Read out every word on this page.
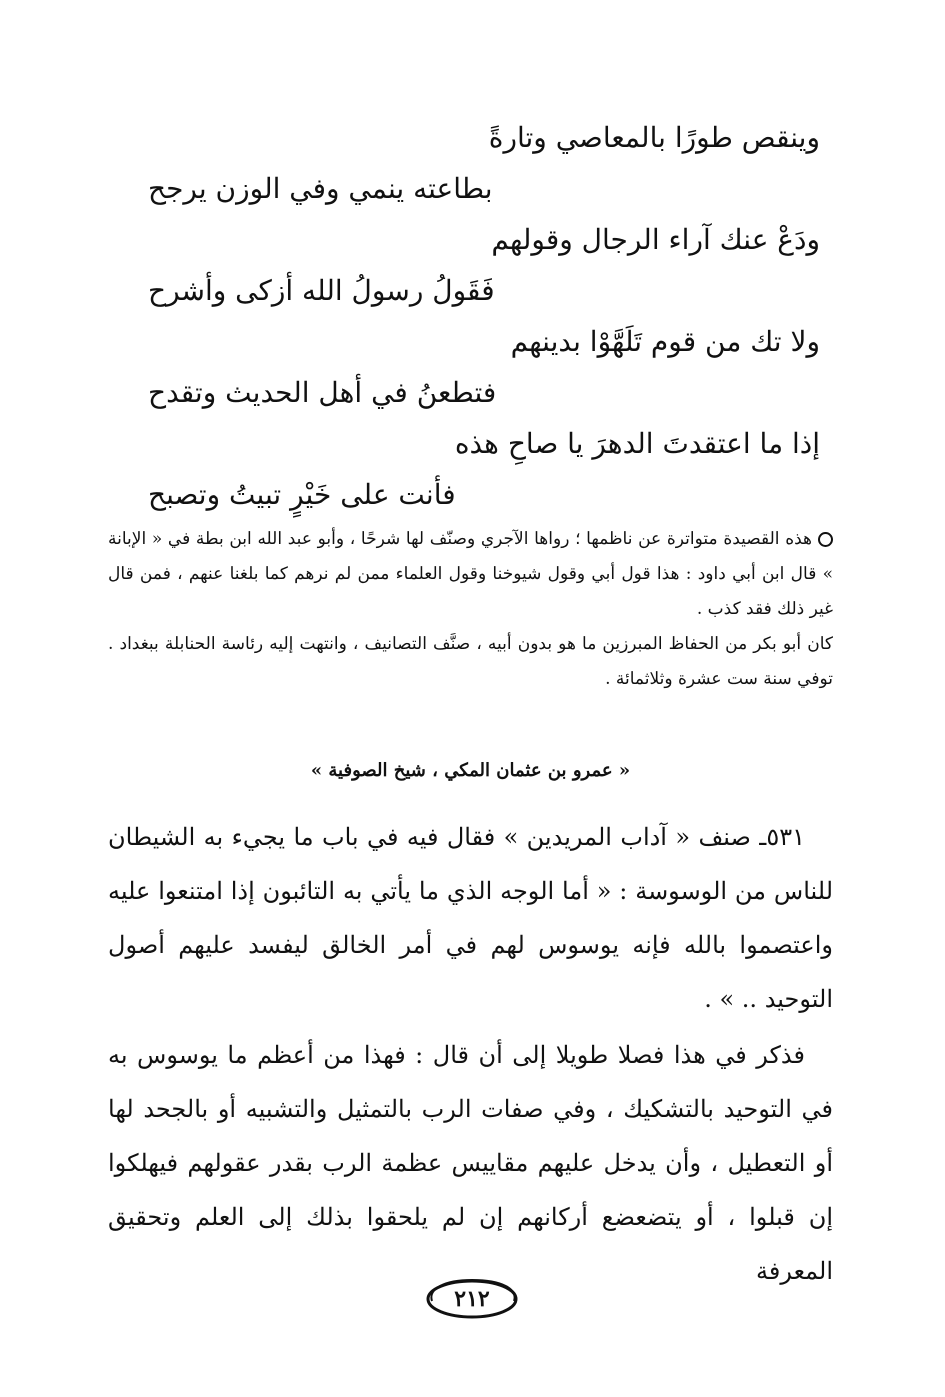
وينقص طورًا بالمعاصي وتارةً
بطاعته ينمي وفي الوزن يرجح
ودَعْ عنك آراء الرجال وقولهم
فَقَولُ رسولُ الله أزكى وأشرح
ولا تك من قوم تَلَهَّوْا بدينهم
فتطعنُ في أهل الحديث وتقدح
إذا ما اعتقدتَ الدهرَ يا صاحِ هذه
فأنت على خَيْرٍ تبيتُ وتصبح

هذه القصيدة متواترة عن ناظمها ؛ رواها الآجري وصنّف لها شرحًا ، وأبو عبد الله ابن بطة في « الإبانة » قال ابن أبي داود : هذا قول أبي وقول شيوخنا وقول العلماء ممن لم نرهم كما بلغنا عنهم ، فمن قال غير ذلك فقد كذب .

كان أبو بكر من الحفاظ المبرزين ما هو بدون أبيه ، صنَّف التصانيف ، وانتهت إليه رئاسة الحنابلة ببغداد . توفي سنة ست عشرة وثلاثمائة .

« عمرو بن عثمان المكي ، شيخ الصوفية »

٥٣١ـ صنف « آداب المريدين » فقال فيه في باب ما يجيء به الشيطان للناس من الوسوسة : « أما الوجه الذي ما يأتي به التائبون إذا امتنعوا عليه واعتصموا بالله فإنه يوسوس لهم في أمر الخالق ليفسد عليهم أصول التوحيد .. » .

فذكر في هذا فصلا طويلا إلى أن قال : فهذا من أعظم ما يوسوس به في التوحيد بالتشكيك ، وفي صفات الرب بالتمثيل والتشبيه أو بالجحد لها أو التعطيل ، وأن يدخل عليهم مقاييس عظمة الرب بقدر عقولهم فيهلكوا إن قبلوا ، أو يتضعضع أركانهم إن لم يلحقوا بذلك إلى العلم وتحقيق المعرفة

٢١٢
